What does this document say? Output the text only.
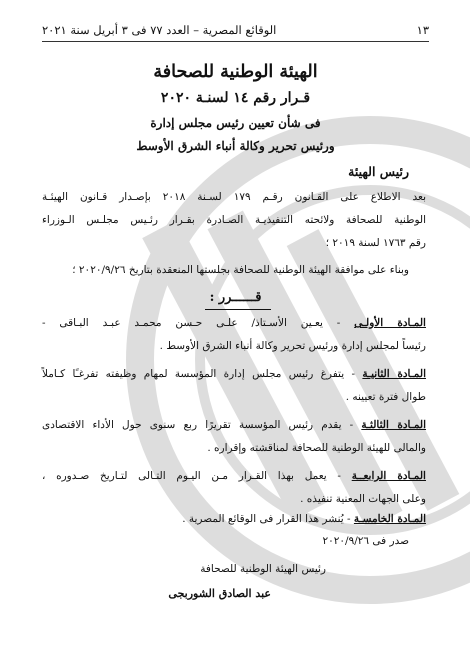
١٣
الوقائع المصرية – العدد ٧٧ فى ٣ أبريل سنة ٢٠٢١
الهيئة الوطنية للصحافة
قـرار رقم ١٤ لسنـة ٢٠٢٠
فى شأن تعيين رئيس مجلس إدارة
ورئيس تحرير وكالة أنباء الشرق الأوسط
رئيس الهيئة
بعد الاطلاع على القـانون رقـم ١٧٩ لسـنة ٢٠١٨ بإصـدار قـانون الهيئـة
الوطنية للصحافة ولائحته التنفيذيـة الصـادرة بقـرار رئـيس مجلـس الـوزراء
رقم ١٧٦٣ لسنة ٢٠١٩ ؛
وبناء على موافقة الهيئة الوطنية للصحافة بجلستها المنعقدة بتاريخ ٢٠٢٠/٩/٢٦ ؛
قــــــرر :
المـادة الأولـى - يعـين الأسـتاذ/ علـى حـسن محمـد عبـد البـاقى -
رئيساً لمجلس إدارة ورئيس تحرير وكالة أنباء الشرق الأوسط .
المـادة الثانيـة - يتفرغ رئيس مجلس إدارة المؤسسة لمهام وظيفته تفرغـًا كـاملاً
طوال فترة تعيينه .
المـادة الثالثـة - يقدم رئيس المؤسسة تقريرًا ربع سنوى حول الأداء الاقتصادى
والمالى للهيئة الوطنية للصحافة لمناقشته وإقراره .
المـادة الرابعــة - يعمل بهذا القـرار مـن اليـوم التـالى لتـاريخ صـدوره ،
وعلى الجهات المعنية تنفيذه .
المـادة الخامسـة - يُنشر هذا القرار فى الوقائع المصرية .
صدر فى ٢٠٢٠/٩/٢٦
رئيس الهيئة الوطنية للصحافة
عبد الصادق الشوربجى
